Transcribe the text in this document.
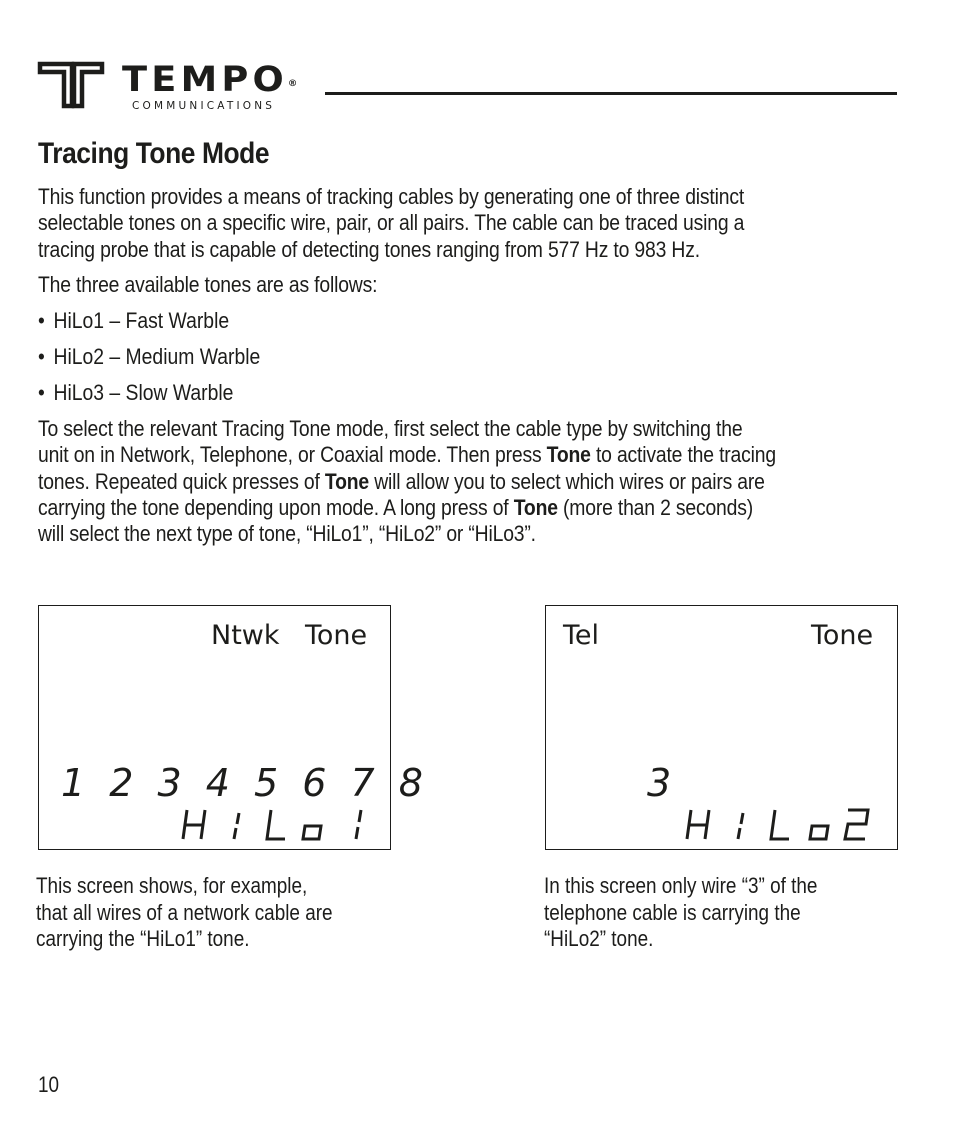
TEMPO®
COMMUNICATIONS
Tracing Tone Mode

This function provides a means of tracking cables by generating one of three distinct
selectable tones on a specific wire, pair, or all pairs. The cable can be traced using a
tracing probe that is capable of detecting tones ranging from 577 Hz to 983 Hz.

The three available tones are as follows:

• HiLo1 – Fast Warble
• HiLo2 – Medium Warble
• HiLo3 – Slow Warble

To select the relevant Tracing Tone mode, first select the cable type by switching the
unit on in Network, Telephone, or Coaxial mode. Then press Tone to activate the tracing
tones. Repeated quick presses of Tone will allow you to select which wires or pairs are
carrying the tone depending upon mode. A long press of Tone (more than 2 seconds)
will select the next type of tone, “HiLo1”, “HiLo2” or “HiLo3”.

Ntwk Tone
1 2 3 4 5 6 7 8
Tel	Tone
3

This screen shows, for example,
that all wires of a network cable are
carrying the “HiLo1” tone.

In this screen only wire “3” of the
telephone cable is carrying the
“HiLo2” tone.

10
